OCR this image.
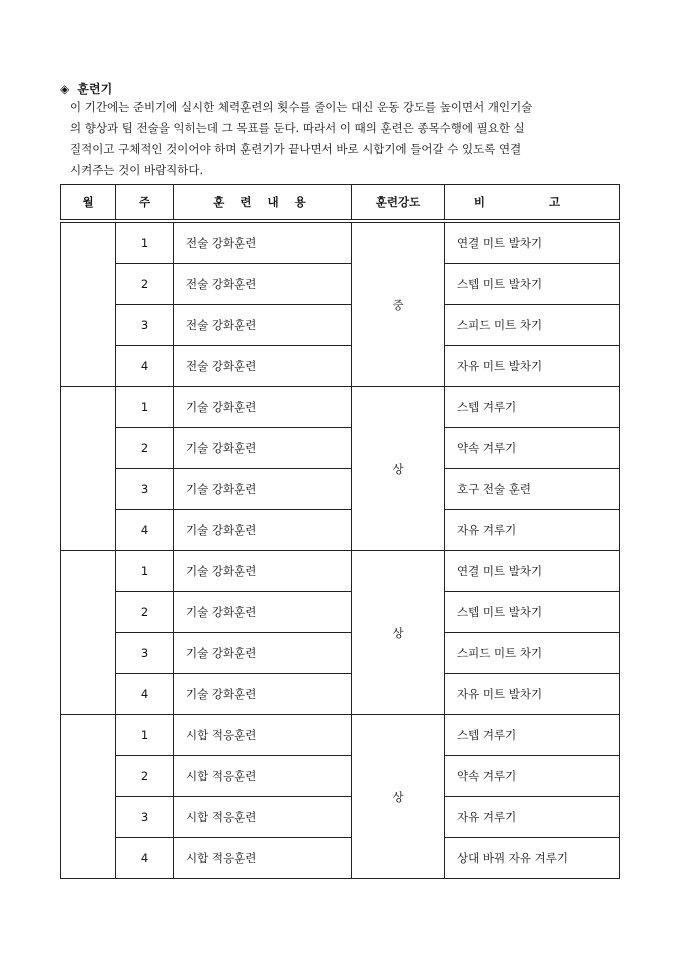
◈ 훈련기
이 기간에는 준비기에 실시한 체력훈련의 횟수를 줄이는 대신 운동 강도를 높이면서 개인기술
의 향상과 팀 전술을 익히는데 그 목표를 둔다. 따라서 이 때의 훈련은 종목수행에 필요한 실
질적이고 구체적인 것이어야 하며 훈련기가 끝나면서 바로 시합기에 들어갈 수 있도록 연결
시켜주는 것이 바람직하다.
월	주	훈 련 내 용	훈련강도	비 고
	1	전술 강화훈련	중	연결 미트 발차기
	2	전술 강화훈련		스텝 미트 발차기
	3	전술 강화훈련		스피드 미트 차기
	4	전술 강화훈련		자유 미트 발차기
	1	기술 강화훈련	상	스텝 겨루기
	2	기술 강화훈련		약속 겨루기
	3	기술 강화훈련		호구 전술 훈련
	4	기술 강화훈련		자유 겨루기
	1	기술 강화훈련	상	연결 미트 발차기
	2	기술 강화훈련		스텝 미트 발차기
	3	기술 강화훈련		스피드 미트 차기
	4	기술 강화훈련		자유 미트 발차기
	1	시합 적응훈련	상	스텝 겨루기
	2	시합 적응훈련		약속 겨루기
	3	시합 적응훈련		자유 겨루기
	4	시합 적응훈련		상대 바꿔 자유 겨루기
